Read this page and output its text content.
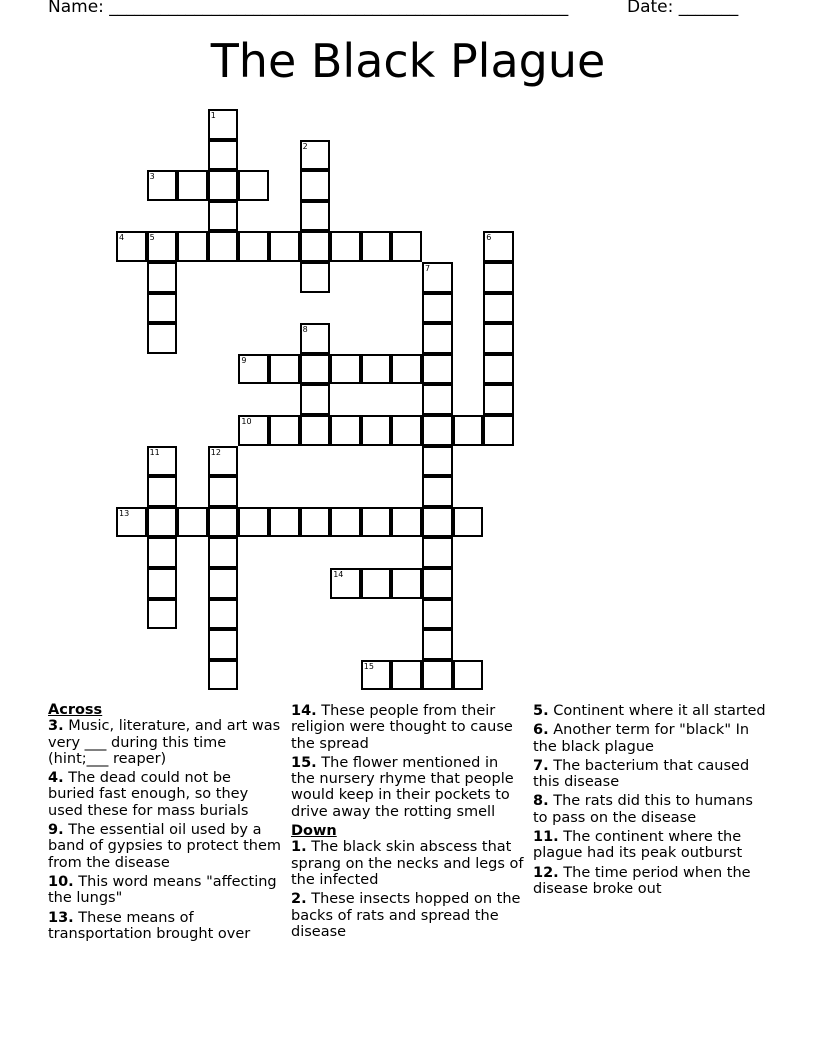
Name: ______________________________________________________	Date: _______
The Black Plague
1
2
3
4	5	6
7
8
9
10
11	12
13
14
15
Across
3. Music, literature, and art was very ___ during this time (hint;___ reaper)
4. The dead could not be buried fast enough, so they used these for mass burials
9. The essential oil used by a band of gypsies to protect them from the disease
10. This word means "affecting the lungs"
13. These means of transportation brought over
14. These people from their religion were thought to cause the spread
15. The flower mentioned in the nursery rhyme that people would keep in their pockets to drive away the rotting smell
Down
1. The black skin abscess that sprang on the necks and legs of the infected
2. These insects hopped on the backs of rats and spread the disease
5. Continent where it all started
6. Another term for "black" In the black plague
7. The bacterium that caused this disease
8. The rats did this to humans to pass on the disease
11. The continent where the plague had its peak outburst
12. The time period when the disease broke out
